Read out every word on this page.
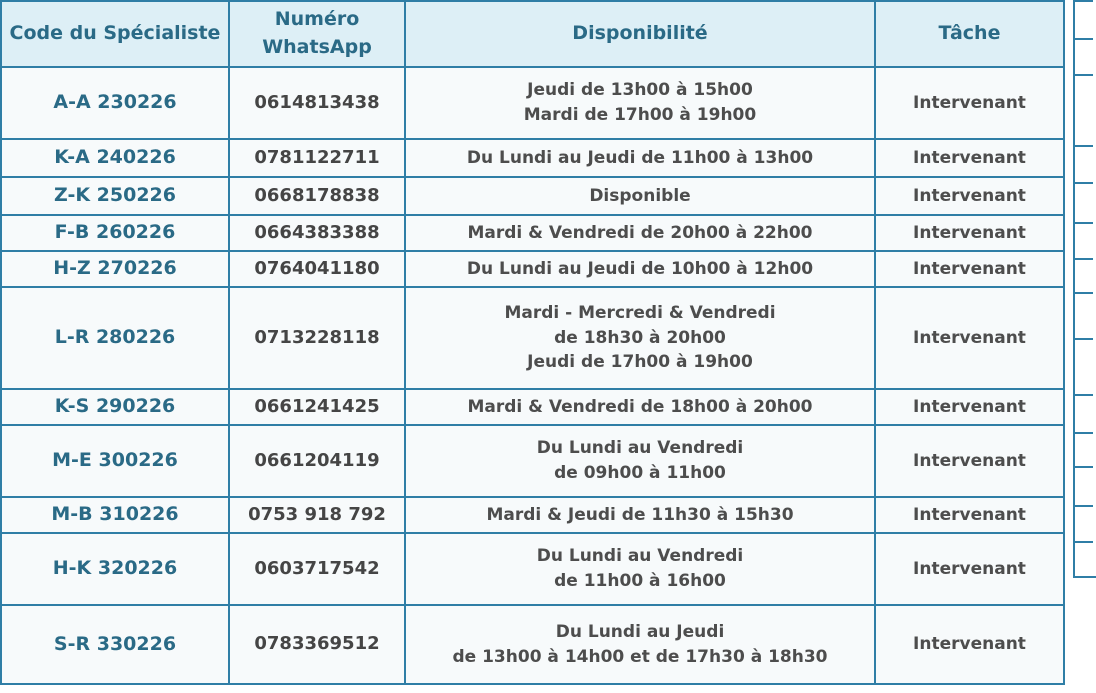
Code du Spécialiste	Numéro WhatsApp	Disponibilité	Tâche
A-A 230226	0614813438	Jeudi de 13h00 à 15h00
Mardi de 17h00 à 19h00	Intervenant
K-A 240226	0781122711	Du Lundi au Jeudi de 11h00 à 13h00	Intervenant
Z-K 250226	0668178838	Disponible	Intervenant
F-B 260226	0664383388	Mardi & Vendredi de 20h00 à 22h00	Intervenant
H-Z 270226	0764041180	Du Lundi au Jeudi de 10h00 à 12h00	Intervenant
L-R 280226	0713228118	Mardi - Mercredi & Vendredi
de 18h30 à 20h00
Jeudi de 17h00 à 19h00	Intervenant
K-S 290226	0661241425	Mardi & Vendredi de 18h00 à 20h00	Intervenant
M-E 300226	0661204119	Du Lundi au Vendredi
de 09h00 à 11h00	Intervenant
M-B 310226	0753 918 792	Mardi & Jeudi de 11h30 à 15h30	Intervenant
H-K 320226	0603717542	Du Lundi au Vendredi
de 11h00 à 16h00	Intervenant
S-R 330226	0783369512	Du Lundi au Jeudi
de 13h00 à 14h00 et de 17h30 à 18h30	Intervenant
